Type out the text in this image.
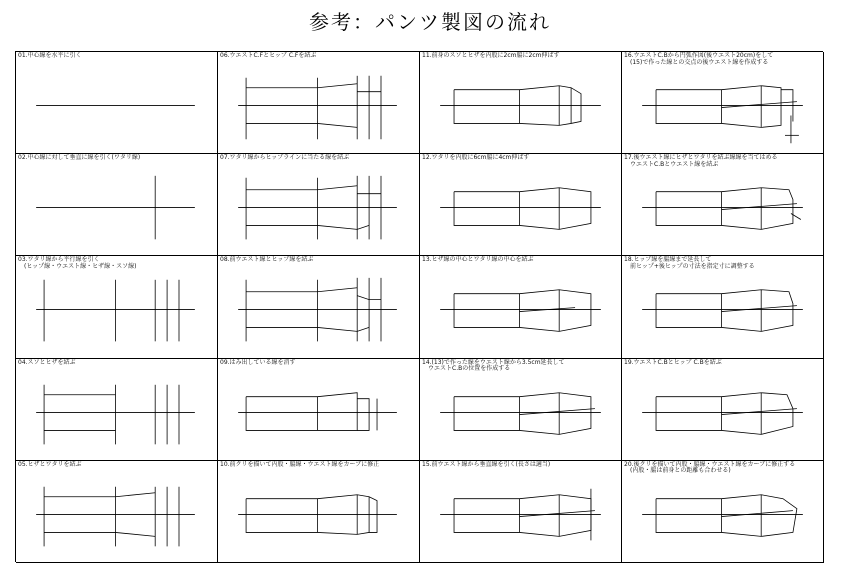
参考：パンツ製図の流れ
01.中心線を水平に引く
02.中心線に対して垂直に線を引く(ワタリ線)
03.ワタリ線から平行線を引く
　(ヒップ線・ウエスト線・ヒザ線・スソ線)
04.スソとヒザを結ぶ
05.ヒザとワタリを結ぶ
06.ウエストC.Fとヒップ C.Fを結ぶ
07.ワタリ線からヒップラインに当たる線を結ぶ
08.前ウエスト線とヒップ線を結ぶ
09.はみ出している線を消す
10.前クリを描いて内股・脇線・ウエスト線をカーブに修正
11.前身のスソとヒザを内股に2cm脇に2cm伸ばす
12.ワタリを内股に6cm脇に4cm伸ばす
13.ヒザ線の中心とワタリ線の中心を結ぶ
14.(13)で作った線をウエスト線から3.5cm延長して
　ウエストC.Bの位置を作成する
15.前ウエスト線から垂直線を引く(長さは適当)
16.ウエストC.Bから円弧作図(後ウエスト20cm)をして
　(15)で作った線との交点の後ウエスト線を作成する
17.後ウエスト線にヒザとワタリを結ぶ線線を当てはめる
　ウエストC.Bとウエスト線を結ぶ
18.ヒップ線を脇線まで延長して
　前ヒップ+後ヒップの寸法を指定寸に調整する
19.ウエストC.Bとヒップ C.Bを結ぶ
20.後クリを描いて内股・脇線・ウエスト線をカーブに修正する
　(内股・脇は前身との距離も合わせる)
